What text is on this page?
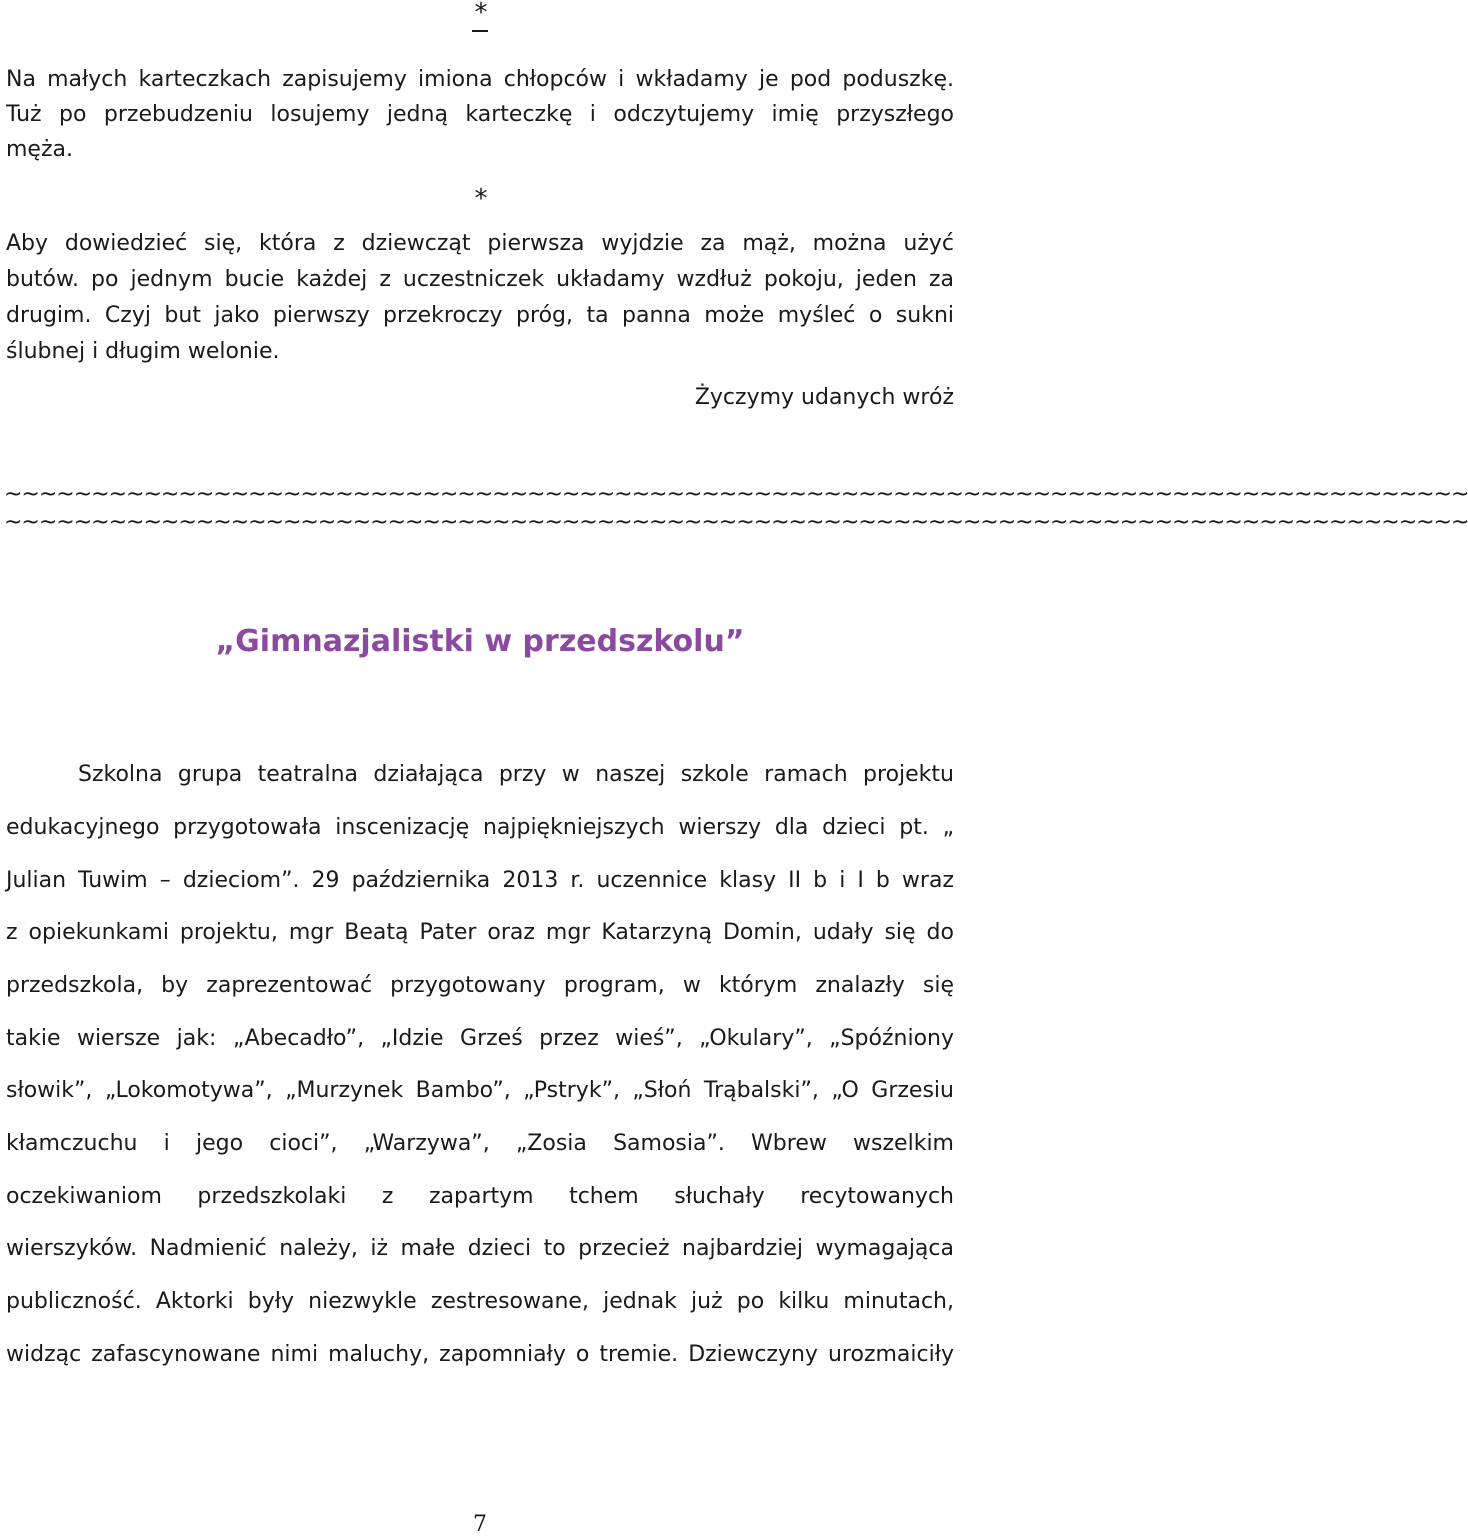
*
Na małych karteczkach zapisujemy imiona chłopców i wkładamy je pod poduszkę.
Tuż po przebudzeniu losujemy jedną karteczkę i odczytujemy imię przyszłego
męża.
*
Aby dowiedzieć się, która z dziewcząt pierwsza wyjdzie za mąż, można użyć
butów. po jednym bucie każdej z uczestniczek układamy wzdłuż pokoju, jeden za
drugim. Czyj but jako pierwszy przekroczy próg, ta panna może myśleć o sukni
ślubnej i długim welonie.
Życzymy udanych wróż
~~~~~~~~~~~~~~~~~~~~~~~~~~~~~~~~~~~~~~~~~~~~~~~~~~~~~~~~~~~~~~~~~~~~~~~~~~~~~~~~~~~~
~~~~~~~~~~~~~~~~~~~~~~~~~~~~~~~~~~~~~~~~~~~~~~~~~~~~~~~~~~~~~~~~~~~~~~~~~~~~~~~~~~~~
„Gimnazjalistki w przedszkolu”
Szkolna grupa teatralna działająca przy w naszej szkole ramach projektu
edukacyjnego przygotowała inscenizację najpiękniejszych wierszy dla dzieci pt. „
Julian Tuwim – dzieciom”. 29 października 2013 r. uczennice klasy II b i I b wraz
z opiekunkami projektu, mgr Beatą Pater oraz mgr Katarzyną Domin, udały się do
przedszkola, by zaprezentować przygotowany program, w którym znalazły się
takie wiersze jak: „Abecadło”, „Idzie Grześ przez wieś”, „Okulary”, „Spóźniony
słowik”, „Lokomotywa”, „Murzynek Bambo”, „Pstryk”, „Słoń Trąbalski”, „O Grzesiu
kłamczuchu i jego cioci”, „Warzywa”, „Zosia Samosia”. Wbrew wszelkim
oczekiwaniom przedszkolaki z zapartym tchem słuchały recytowanych
wierszyków. Nadmienić należy, iż małe dzieci to przecież najbardziej wymagająca
publiczność. Aktorki były niezwykle zestresowane, jednak już po kilku minutach,
widząc zafascynowane nimi maluchy, zapomniały o tremie. Dziewczyny urozmaiciły
7
